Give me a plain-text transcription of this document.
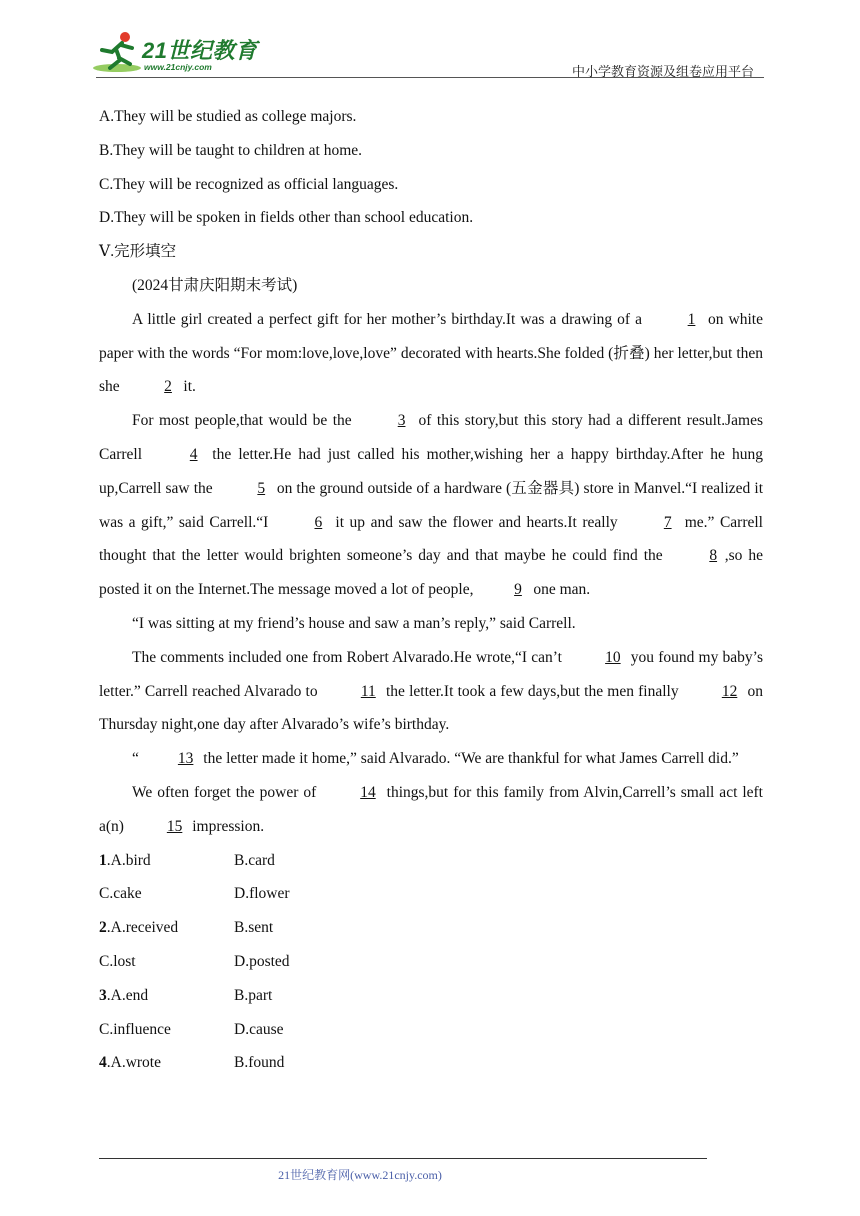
21世纪教育
www.21cnjy.com	中小学教育资源及组卷应用平台

A.They will be studied as college majors.

B.They will be taught to children at home.

C.They will be recognized as official languages.

D.They will be spoken in fields other than school education.

Ⅴ.完形填空

(2024甘肃庆阳期末考试)

A little girl created a perfect gift for her mother’s birthday.It was a drawing of a	1 on white paper with the words “For mom:love,love,love” decorated with hearts.She folded (折叠) her letter,but then she	2 it.

For most people,that would be the	3 of this story,but this story had a different result.James Carrell	4 the letter.He had just called his mother,wishing her a happy birthday.After he hung up,Carrell saw the	5 on the ground outside of a hardware (五金器具) store in Manvel.“I realized it was a gift,” said Carrell.“I	6 it up and saw the flower and hearts.It really	7 me.” Carrell thought that the letter would brighten someone’s day and that maybe he could find the	8 ,so he posted it on the Internet.The message moved a lot of people,	9 one man.

“I was sitting at my friend’s house and saw a man’s reply,” said Carrell.

The comments included one from Robert Alvarado.He wrote,“I can’t	10 you found my baby’s letter.” Carrell reached Alvarado to	11 the letter.It took a few days,but the men finally	12 on Thursday night,one day after Alvarado’s wife’s birthday.

“	13 the letter made it home,” said Alvarado. “We are thankful for what James Carrell did.”

We often forget the power of	14 things,but for this family from Alvin,Carrell’s small act left a(n)	15 impression.

1.A.bird	B.card
C.cake	D.flower
2.A.received	B.sent
C.lost	D.posted
3.A.end	B.part
C.influence	D.cause
4.A.wrote	B.found
21世纪教育网(www.21cnjy.com)
